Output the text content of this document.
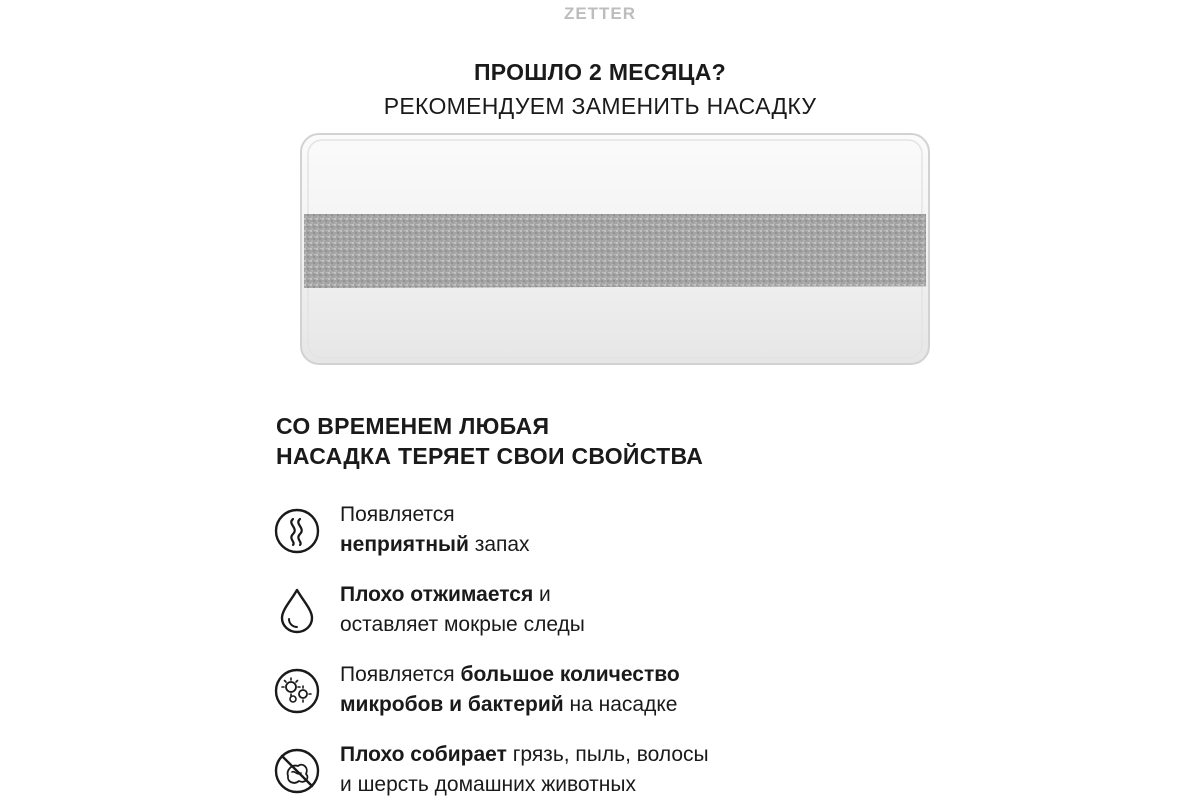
ZETTER
ПРОШЛО 2 МЕСЯЦА?
РЕКОМЕНДУЕМ ЗАМЕНИТЬ НАСАДКУ
СО ВРЕМЕНЕМ ЛЮБАЯ
НАСАДКА ТЕРЯЕТ СВОИ СВОЙСТВА
Появляется
неприятный запах
Плохо отжимается и
оставляет мокрые следы
Появляется большое количество
микробов и бактерий на насадке
Плохо собирает грязь, пыль, волосы
и шерсть домашних животных
